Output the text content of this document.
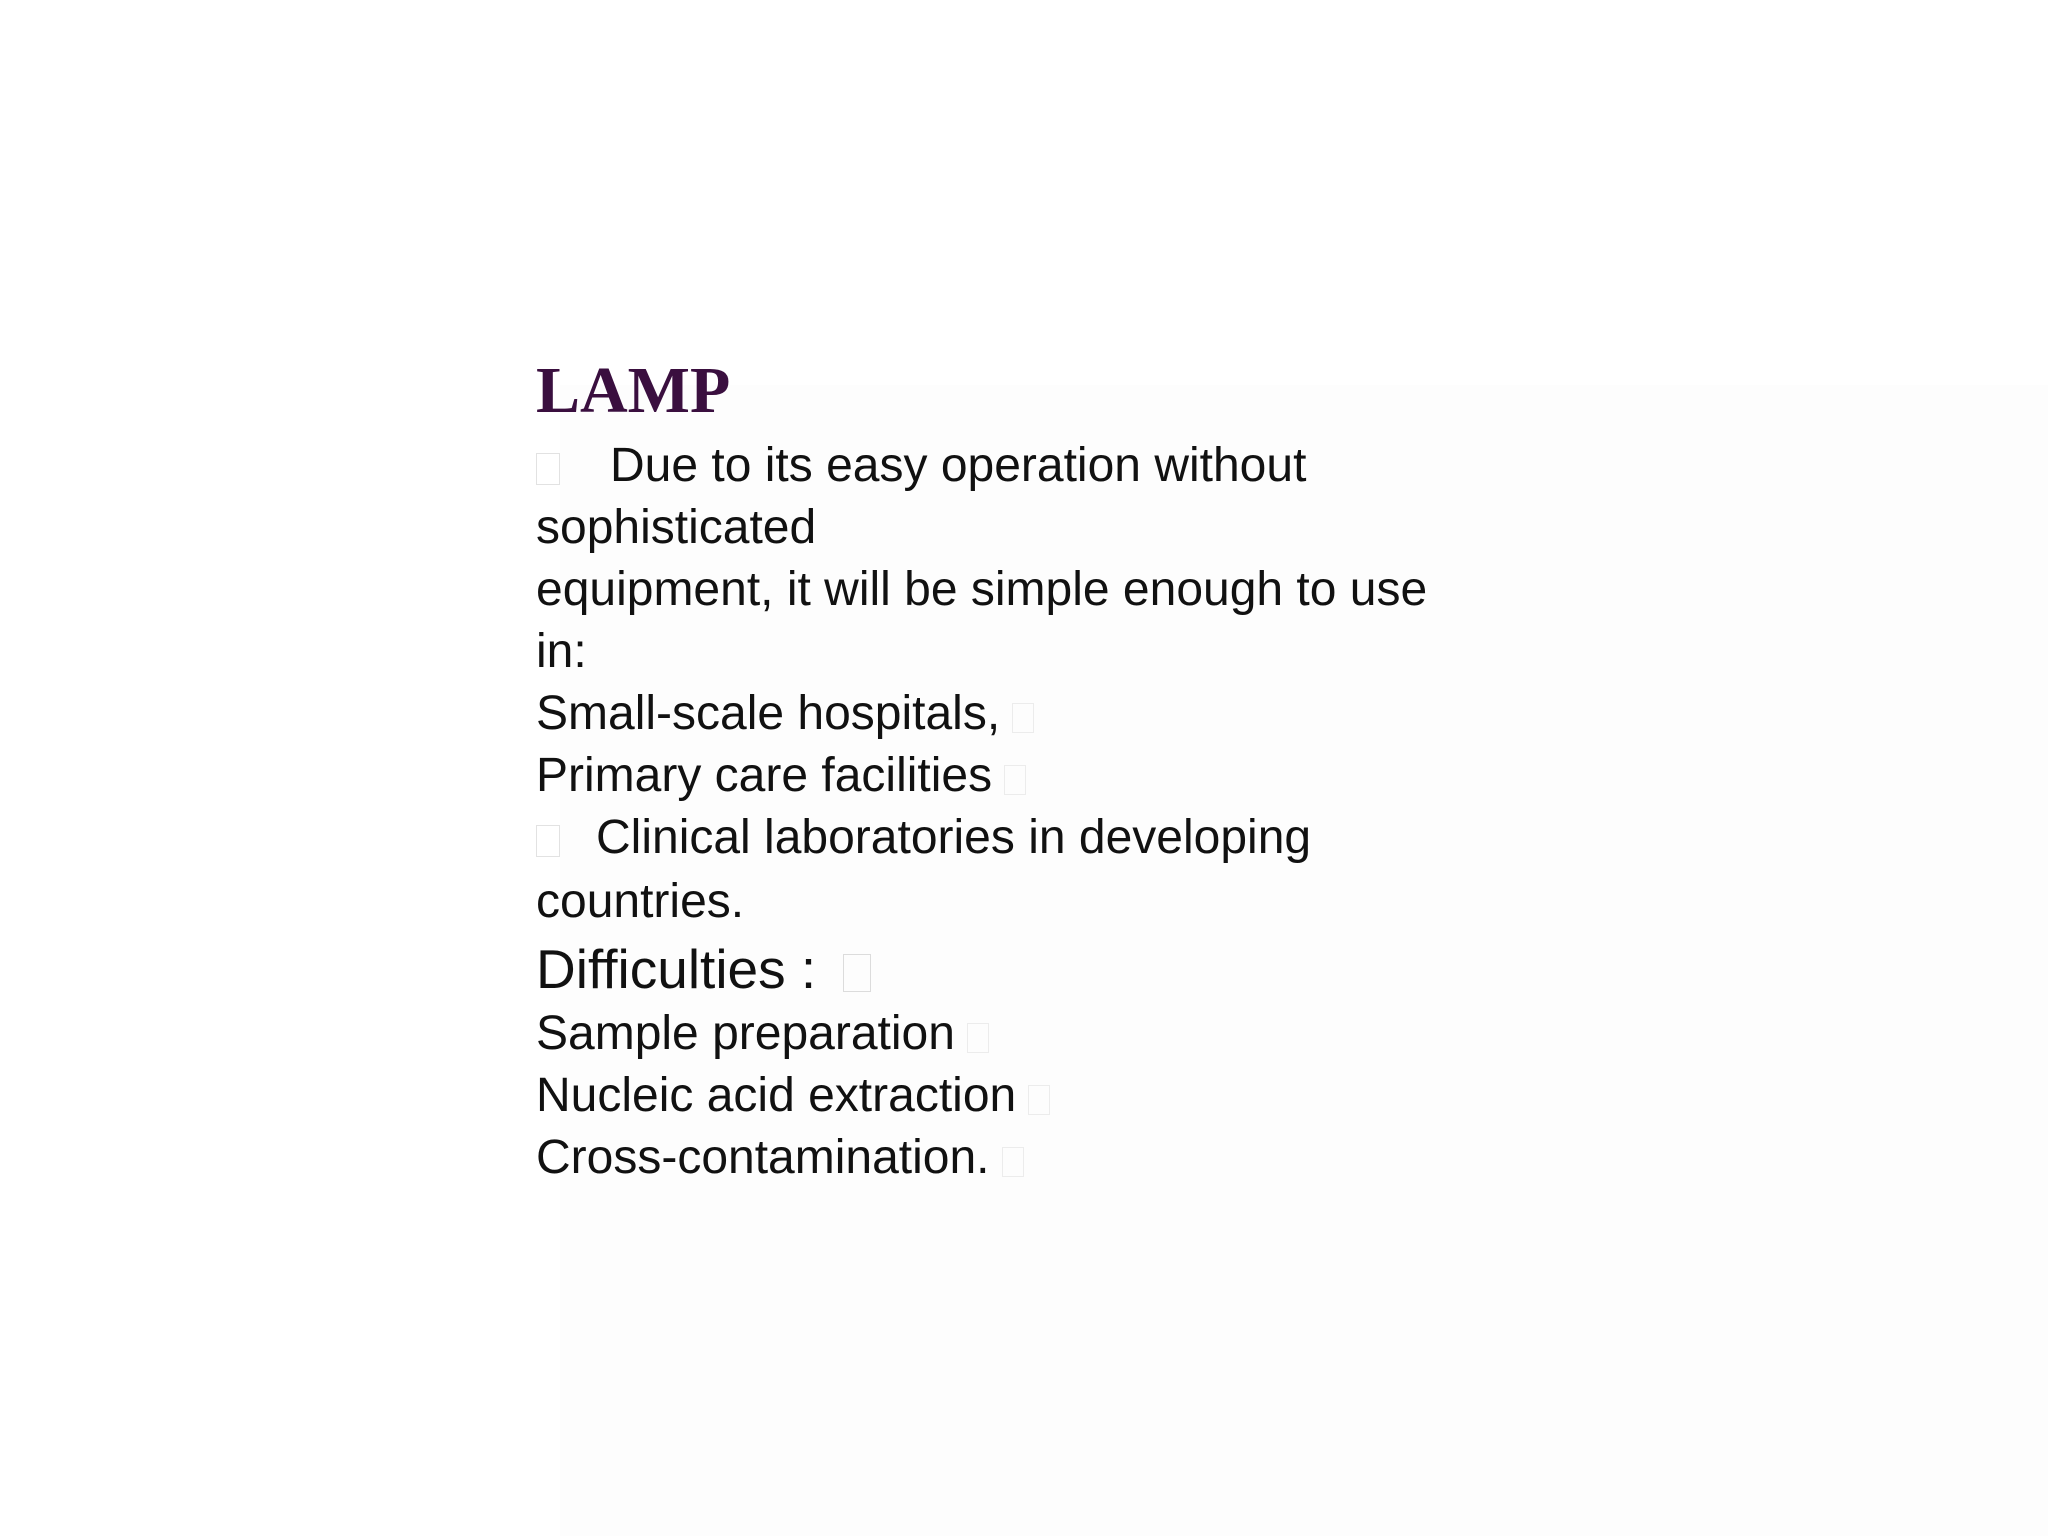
LAMP
Due to its easy operation without
sophisticated
equipment, it will be simple enough to use
in:
Small-scale hospitals,
Primary care facilities
Clinical laboratories in developing
countries.
Difficulties :
Sample preparation
Nucleic acid extraction
Cross-contamination.
